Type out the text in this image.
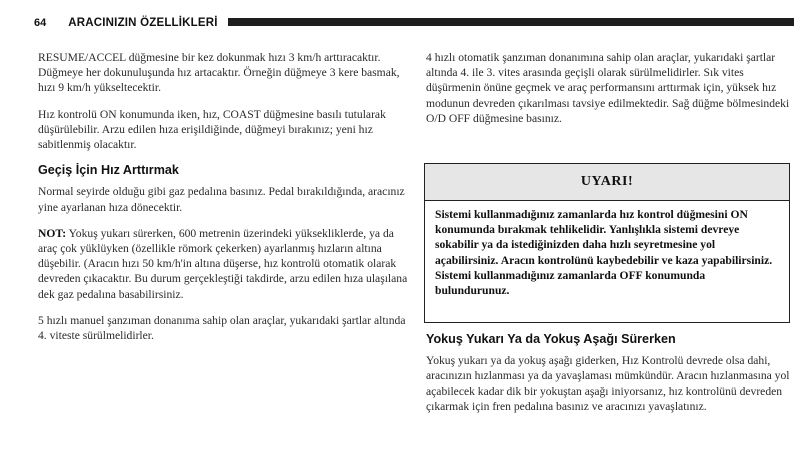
64 ARACINIZIN ÖZELLİKLERİ

RESUME/ACCEL düğmesine bir kez dokunmak hızı 3 km/h arttıracaktır. Düğmeye her dokunuluşunda hız artacaktır. Örneğin düğmeye 3 kere basmak, hızı 9 km/h yükseltecektir.

Hız kontrolü ON konumunda iken, hız, COAST düğmesine basılı tutularak düşürülebilir. Arzu edilen hıza erişildiğinde, düğmeyi bırakınız; yeni hız sabitlenmiş olacaktır.

Geçiş İçin Hız Arttırmak

Normal seyirde olduğu gibi gaz pedalına basınız. Pedal bırakıldığında, aracınız yine ayarlanan hıza dönecektir.

NOT: Yokuş yukarı sürerken, 600 metrenin üzerindeki yüksekliklerde, ya da araç çok yüklüyken (özellikle römork çekerken) ayarlanmış hızların altına düşebilir. (Aracın hızı 50 km/h'in altına düşerse, hız kontrolü otomatik olarak devreden çıkacaktır. Bu durum gerçekleştiği takdirde, arzu edilen hıza ulaşılana dek gaz pedalına basabilirsiniz.

5 hızlı manuel şanzıman donanıma sahip olan araçlar, yukarıdaki şartlar altında 4. viteste sürülmelidirler.

4 hızlı otomatik şanzıman donanımına sahip olan araçlar, yukarıdaki şartlar altında 4. ile 3. vites arasında geçişli olarak sürülmelidirler. Sık vites düşürmenin önüne geçmek ve araç performansını arttırmak için, yüksek hız modunun devreden çıkarılması tavsiye edilmektedir. Sağ düğme bölmesindeki O/D OFF düğmesine basınız.

UYARI!
Sistemi kullanmadığınız zamanlarda hız kontrol düğmesini ON konumunda bırakmak tehlikelidir. Yanlışlıkla sistemi devreye sokabilir ya da istediğinizden daha hızlı seyretmesine yol açabilirsiniz. Aracın kontrolünü kaybedebilir ve kaza yapabilirsiniz. Sistemi kullanmadığınız zamanlarda OFF konumunda bulundurunuz.
Yokuş Yukarı Ya da Yokuş Aşağı Sürerken

Yokuş yukarı ya da yokuş aşağı giderken, Hız Kontrolü devrede olsa dahi, aracınızın hızlanması ya da yavaşlaması mümkündür. Aracın hızlanmasına yol açabilecek kadar dik bir yokuştan aşağı iniyorsanız, hız kontrolünü devreden çıkarmak için fren pedalına basınız ve aracınızı yavaşlatınız.
